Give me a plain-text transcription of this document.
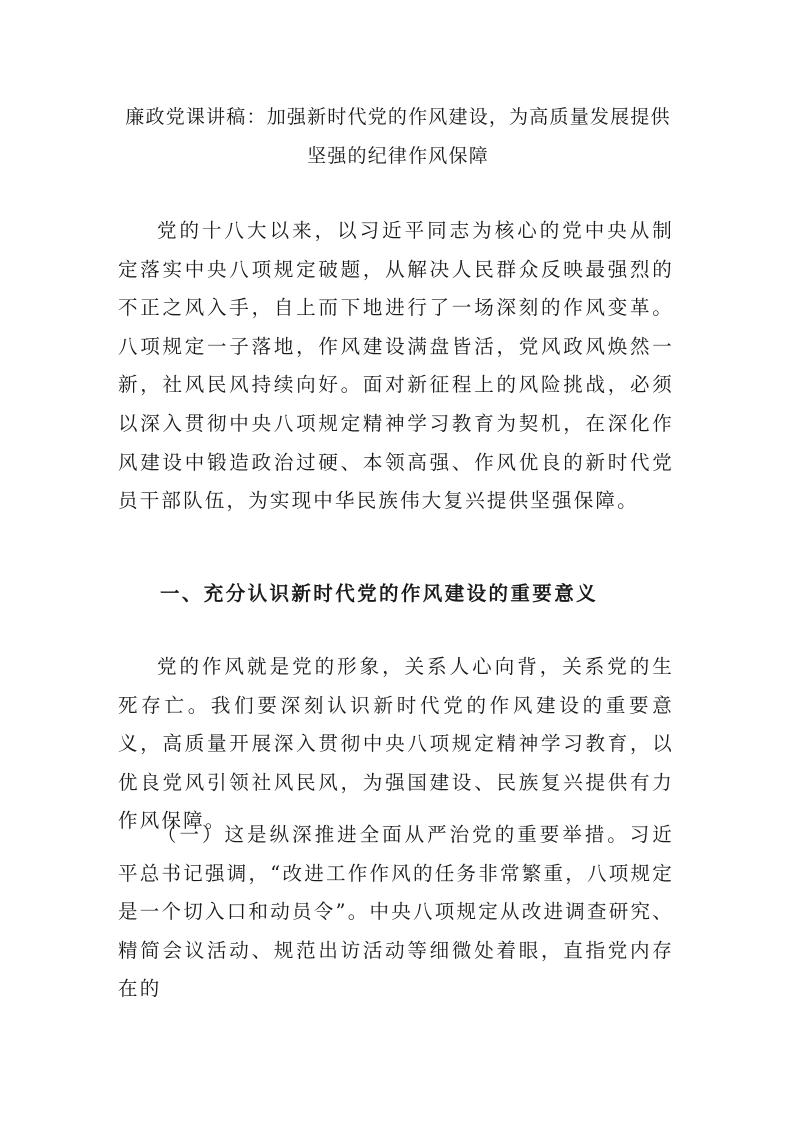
廉政党课讲稿：加强新时代党的作风建设，为高质量发展提供坚强的纪律作风保障

党的十八大以来，以习近平同志为核心的党中央从制定落实中央八项规定破题，从解决人民群众反映最强烈的不正之风入手，自上而下地进行了一场深刻的作风变革。八项规定一子落地，作风建设满盘皆活，党风政风焕然一新，社风民风持续向好。面对新征程上的风险挑战，必须以深入贯彻中央八项规定精神学习教育为契机，在深化作风建设中锻造政治过硬、本领高强、作风优良的新时代党员干部队伍，为实现中华民族伟大复兴提供坚强保障。

一、充分认识新时代党的作风建设的重要意义

党的作风就是党的形象，关系人心向背，关系党的生死存亡。我们要深刻认识新时代党的作风建设的重要意义，高质量开展深入贯彻中央八项规定精神学习教育，以优良党风引领社风民风，为强国建设、民族复兴提供有力作风保障。

（一）这是纵深推进全面从严治党的重要举措。习近平总书记强调，“改进工作作风的任务非常繁重，八项规定是一个切入口和动员令”。中央八项规定从改进调查研究、精简会议活动、规范出访活动等细微处着眼，直指党内存在的
